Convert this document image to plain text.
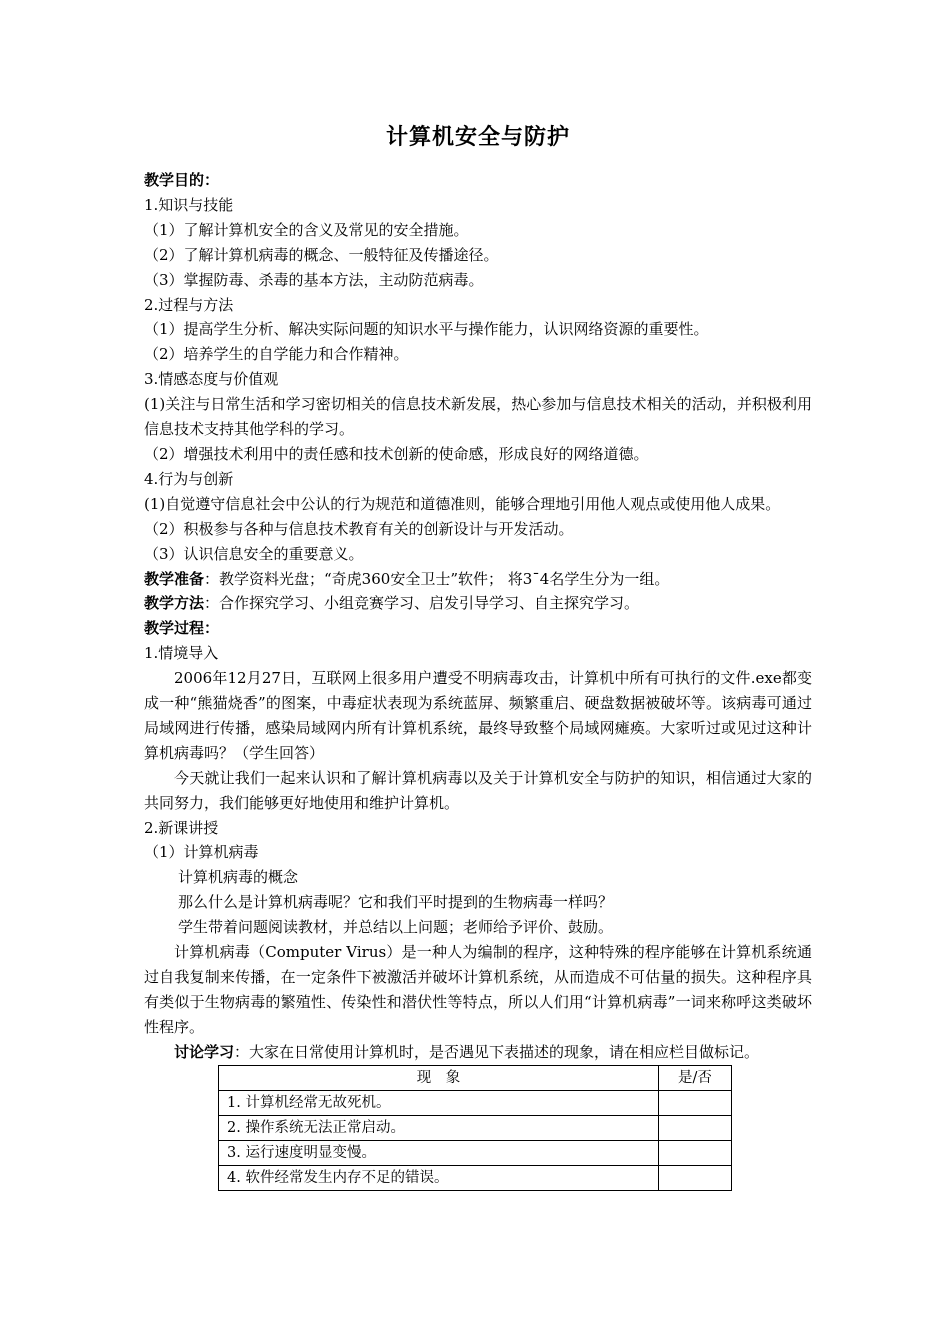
计算机安全与防护
教学目的：
1.知识与技能
（1）了解计算机安全的含义及常见的安全措施。
（2）了解计算机病毒的概念、一般特征及传播途径。
（3）掌握防毒、杀毒的基本方法，主动防范病毒。
2.过程与方法
（1）提高学生分析、解决实际问题的知识水平与操作能力，认识网络资源的重要性。
（2）培养学生的自学能力和合作精神。
3.情感态度与价值观
(1)关注与日常生活和学习密切相关的信息技术新发展，热心参加与信息技术相关的活动，并积极利用信息技术支持其他学科的学习。
（2）增强技术利用中的责任感和技术创新的使命感，形成良好的网络道德。
4.行为与创新
(1)自觉遵守信息社会中公认的行为规范和道德准则，能够合理地引用他人观点或使用他人成果。
（2）积极参与各种与信息技术教育有关的创新设计与开发活动。
（3）认识信息安全的重要意义。
教学准备：教学资料光盘；“奇虎360安全卫士”软件； 将3¯4名学生分为一组。
教学方法：合作探究学习、小组竞赛学习、启发引导学习、自主探究学习。
教学过程：
1.情境导入
2006年12月27日，互联网上很多用户遭受不明病毒攻击，计算机中所有可执行的文件.exe都变成一种“熊猫烧香”的图案，中毒症状表现为系统蓝屏、频繁重启、硬盘数据被破坏等。该病毒可通过局域网进行传播，感染局域网内所有计算机系统，最终导致整个局域网瘫痪。大家听过或见过这种计算机病毒吗？（学生回答）
今天就让我们一起来认识和了解计算机病毒以及关于计算机安全与防护的知识，相信通过大家的共同努力，我们能够更好地使用和维护计算机。
2.新课讲授
（1）计算机病毒
计算机病毒的概念
那么什么是计算机病毒呢？它和我们平时提到的生物病毒一样吗？
学生带着问题阅读教材，并总结以上问题；老师给予评价、鼓励。
计算机病毒（Computer Virus）是一种人为编制的程序，这种特殊的程序能够在计算机系统通过自我复制来传播，在一定条件下被激活并破坏计算机系统，从而造成不可估量的损失。这种程序具有类似于生物病毒的繁殖性、传染性和潜伏性等特点，所以人们用“计算机病毒”一词来称呼这类破坏性程序。
讨论学习：大家在日常使用计算机时，是否遇见下表描述的现象，请在相应栏目做标记。
现　象	是/否
1. 计算机经常无故死机。	
2. 操作系统无法正常启动。	
3. 运行速度明显变慢。	
4. 软件经常发生内存不足的错误。	
